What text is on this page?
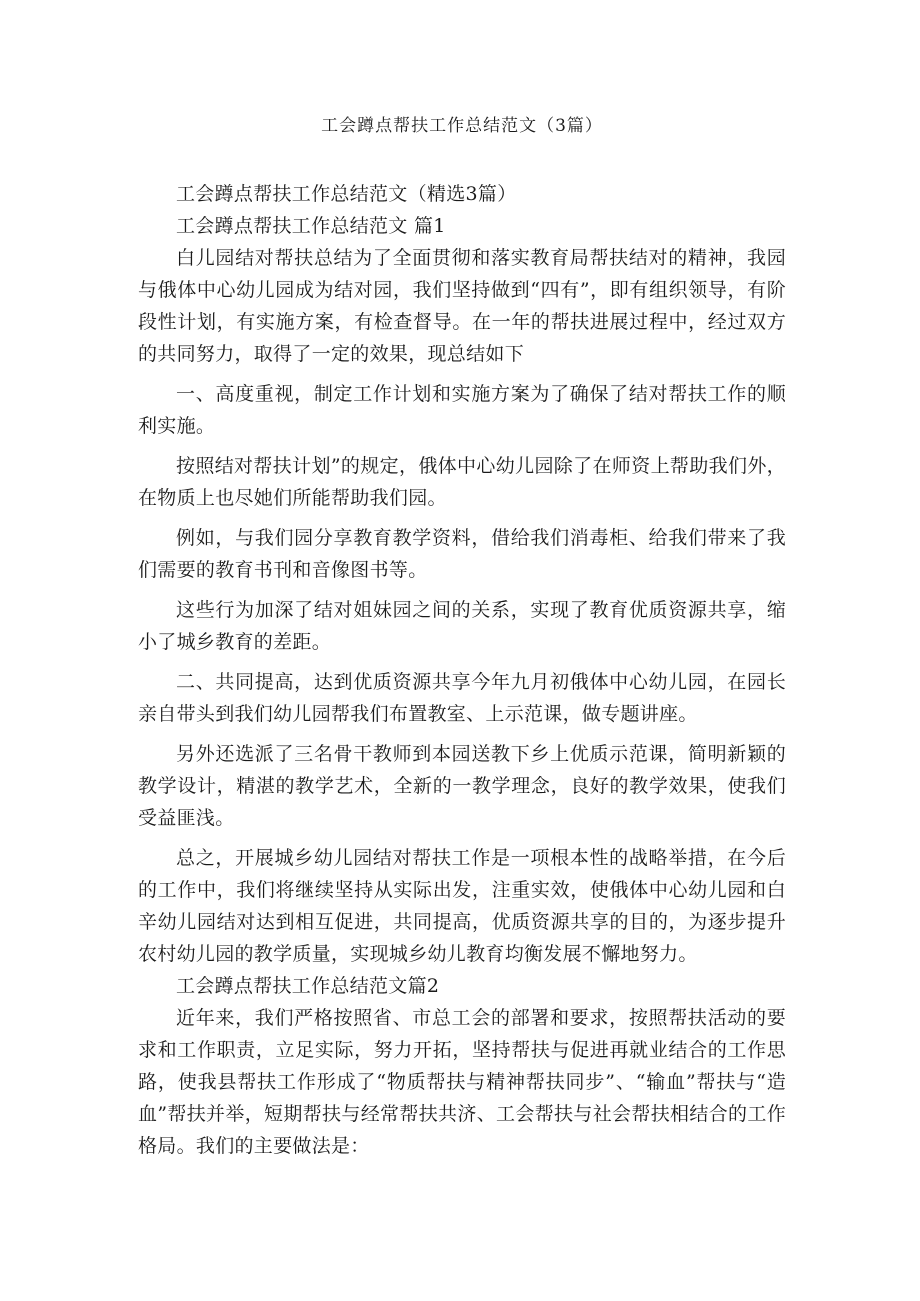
工会蹲点帮扶工作总结范文（3篇）

工会蹲点帮扶工作总结范文（精选3篇）

工会蹲点帮扶工作总结范文 篇1

白儿园结对帮扶总结为了全面贯彻和落实教育局帮扶结对的精神，我园与俄体中心幼儿园成为结对园，我们坚持做到“四有”，即有组织领导，有阶段性计划，有实施方案，有检查督导。在一年的帮扶进展过程中，经过双方的共同努力，取得了一定的效果，现总结如下

一、高度重视，制定工作计划和实施方案为了确保了结对帮扶工作的顺利实施。

按照结对帮扶计划”的规定，俄体中心幼儿园除了在师资上帮助我们外，在物质上也尽她们所能帮助我们园。

例如，与我们园分享教育教学资料，借给我们消毒柜、给我们带来了我们需要的教育书刊和音像图书等。

这些行为加深了结对姐妹园之间的关系，实现了教育优质资源共享，缩小了城乡教育的差距。

二、共同提高，达到优质资源共享今年九月初俄体中心幼儿园，在园长亲自带头到我们幼儿园帮我们布置教室、上示范课，做专题讲座。

另外还选派了三名骨干教师到本园送教下乡上优质示范课，简明新颖的教学设计，精湛的教学艺术，全新的一教学理念，良好的教学效果，使我们受益匪浅。

总之，开展城乡幼儿园结对帮扶工作是一项根本性的战略举措，在今后的工作中，我们将继续坚持从实际出发，注重实效，使俄体中心幼儿园和白辛幼儿园结对达到相互促进，共同提高，优质资源共享的目的，为逐步提升农村幼儿园的教学质量，实现城乡幼儿教育均衡发展不懈地努力。

工会蹲点帮扶工作总结范文篇2

近年来，我们严格按照省、市总工会的部署和要求，按照帮扶活动的要求和工作职责，立足实际，努力开拓，坚持帮扶与促进再就业结合的工作思路，使我县帮扶工作形成了“物质帮扶与精神帮扶同步”、“输血”帮扶与“造血”帮扶并举，短期帮扶与经常帮扶共济、工会帮扶与社会帮扶相结合的工作格局。我们的主要做法是：
